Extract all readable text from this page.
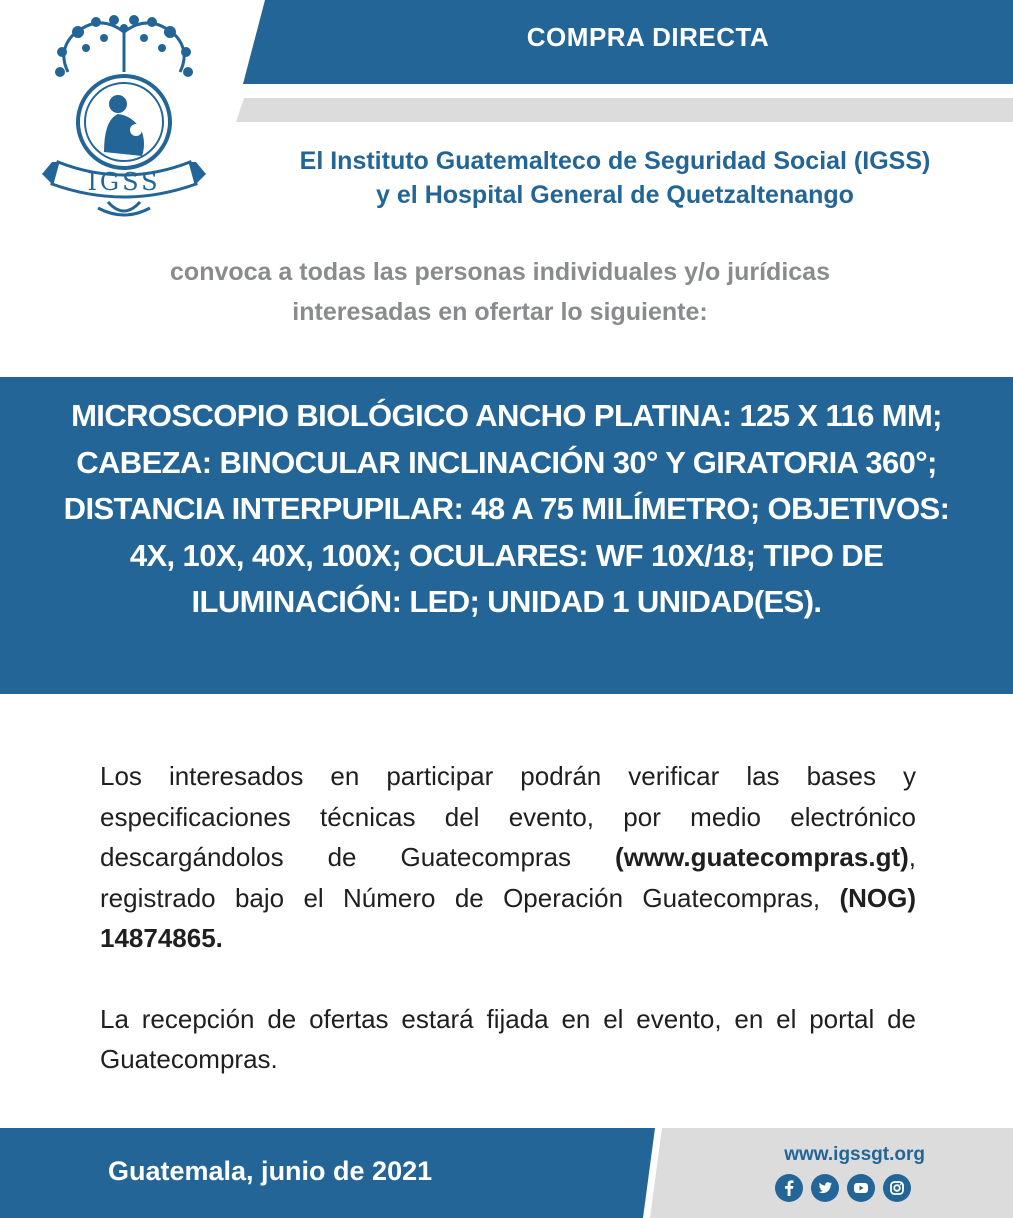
COMPRA DIRECTA
IGSS
El Instituto Guatemalteco de Seguridad Social (IGSS)
y el Hospital General de Quetzaltenango
convoca a todas las personas individuales y/o jurídicas
interesadas en ofertar lo siguiente:
MICROSCOPIO BIOLÓGICO ANCHO PLATINA: 125 X 116 MM; CABEZA: BINOCULAR INCLINACIÓN 30° Y GIRATORIA 360°; DISTANCIA INTERPUPILAR: 48 A 75 MILÍMETRO; OBJETIVOS: 4X, 10X, 40X, 100X; OCULARES: WF 10X/18; TIPO DE ILUMINACIÓN: LED; UNIDAD 1 UNIDAD(ES).

Los interesados en participar podrán verificar las bases y especificaciones técnicas del evento, por medio electrónico descargándolos de Guatecompras (www.guatecompras.gt), registrado bajo el Número de Operación Guatecompras, (NOG) 14874865.

La recepción de ofertas estará fijada en el evento, en el portal de Guatecompras.

Guatemala, junio de 2021
www.igssgt.org
